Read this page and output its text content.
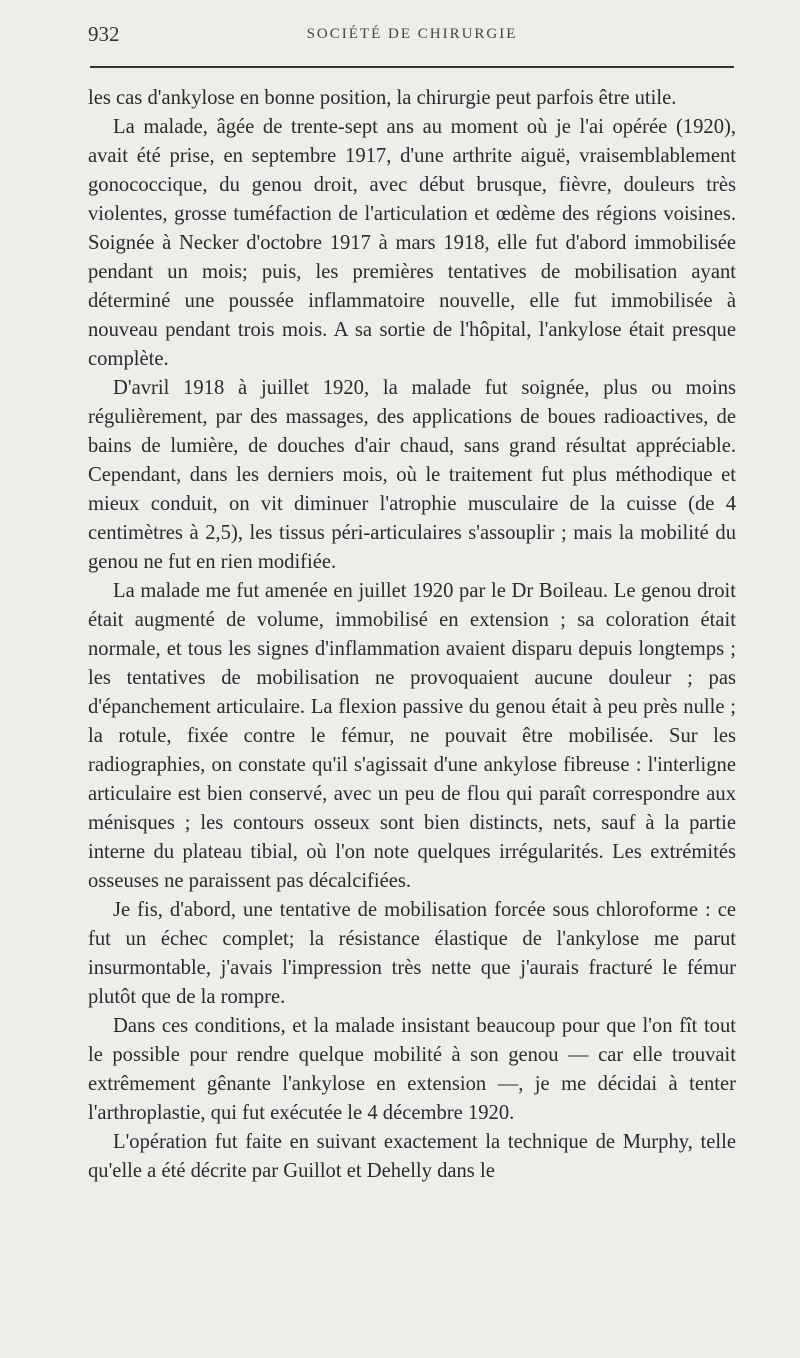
932	SOCIÉTÉ DE CHIRURGIE

les cas d'ankylose en bonne position, la chirurgie peut parfois être utile.

La malade, âgée de trente-sept ans au moment où je l'ai opérée (1920), avait été prise, en septembre 1917, d'une arthrite aiguë, vraisemblablement gonococcique, du genou droit, avec début brusque, fièvre, douleurs très violentes, grosse tuméfaction de l'articulation et œdème des régions voisines. Soignée à Necker d'octobre 1917 à mars 1918, elle fut d'abord immobilisée pendant un mois; puis, les premières tentatives de mobilisation ayant déterminé une poussée inflammatoire nouvelle, elle fut immobilisée à nouveau pendant trois mois. A sa sortie de l'hôpital, l'ankylose était presque complète.

D'avril 1918 à juillet 1920, la malade fut soignée, plus ou moins régulièrement, par des massages, des applications de boues radioactives, de bains de lumière, de douches d'air chaud, sans grand résultat appréciable. Cependant, dans les derniers mois, où le traitement fut plus méthodique et mieux conduit, on vit diminuer l'atrophie musculaire de la cuisse (de 4 centimètres à 2,5), les tissus péri-articulaires s'assouplir ; mais la mobilité du genou ne fut en rien modifiée.

La malade me fut amenée en juillet 1920 par le Dr Boileau. Le genou droit était augmenté de volume, immobilisé en extension ; sa coloration était normale, et tous les signes d'inflammation avaient disparu depuis longtemps ; les tentatives de mobilisation ne provoquaient aucune douleur ; pas d'épanchement articulaire. La flexion passive du genou était à peu près nulle ; la rotule, fixée contre le fémur, ne pouvait être mobilisée. Sur les radiographies, on constate qu'il s'agissait d'une ankylose fibreuse : l'interligne articulaire est bien conservé, avec un peu de flou qui paraît correspondre aux ménisques ; les contours osseux sont bien distincts, nets, sauf à la partie interne du plateau tibial, où l'on note quelques irrégularités. Les extrémités osseuses ne paraissent pas décalcifiées.

Je fis, d'abord, une tentative de mobilisation forcée sous chloroforme : ce fut un échec complet; la résistance élastique de l'ankylose me parut insurmontable, j'avais l'impression très nette que j'aurais fracturé le fémur plutôt que de la rompre.

Dans ces conditions, et la malade insistant beaucoup pour que l'on fît tout le possible pour rendre quelque mobilité à son genou — car elle trouvait extrêmement gênante l'ankylose en extension —, je me décidai à tenter l'arthroplastie, qui fut exécutée le 4 décembre 1920.

L'opération fut faite en suivant exactement la technique de Murphy, telle qu'elle a été décrite par Guillot et Dehelly dans le
